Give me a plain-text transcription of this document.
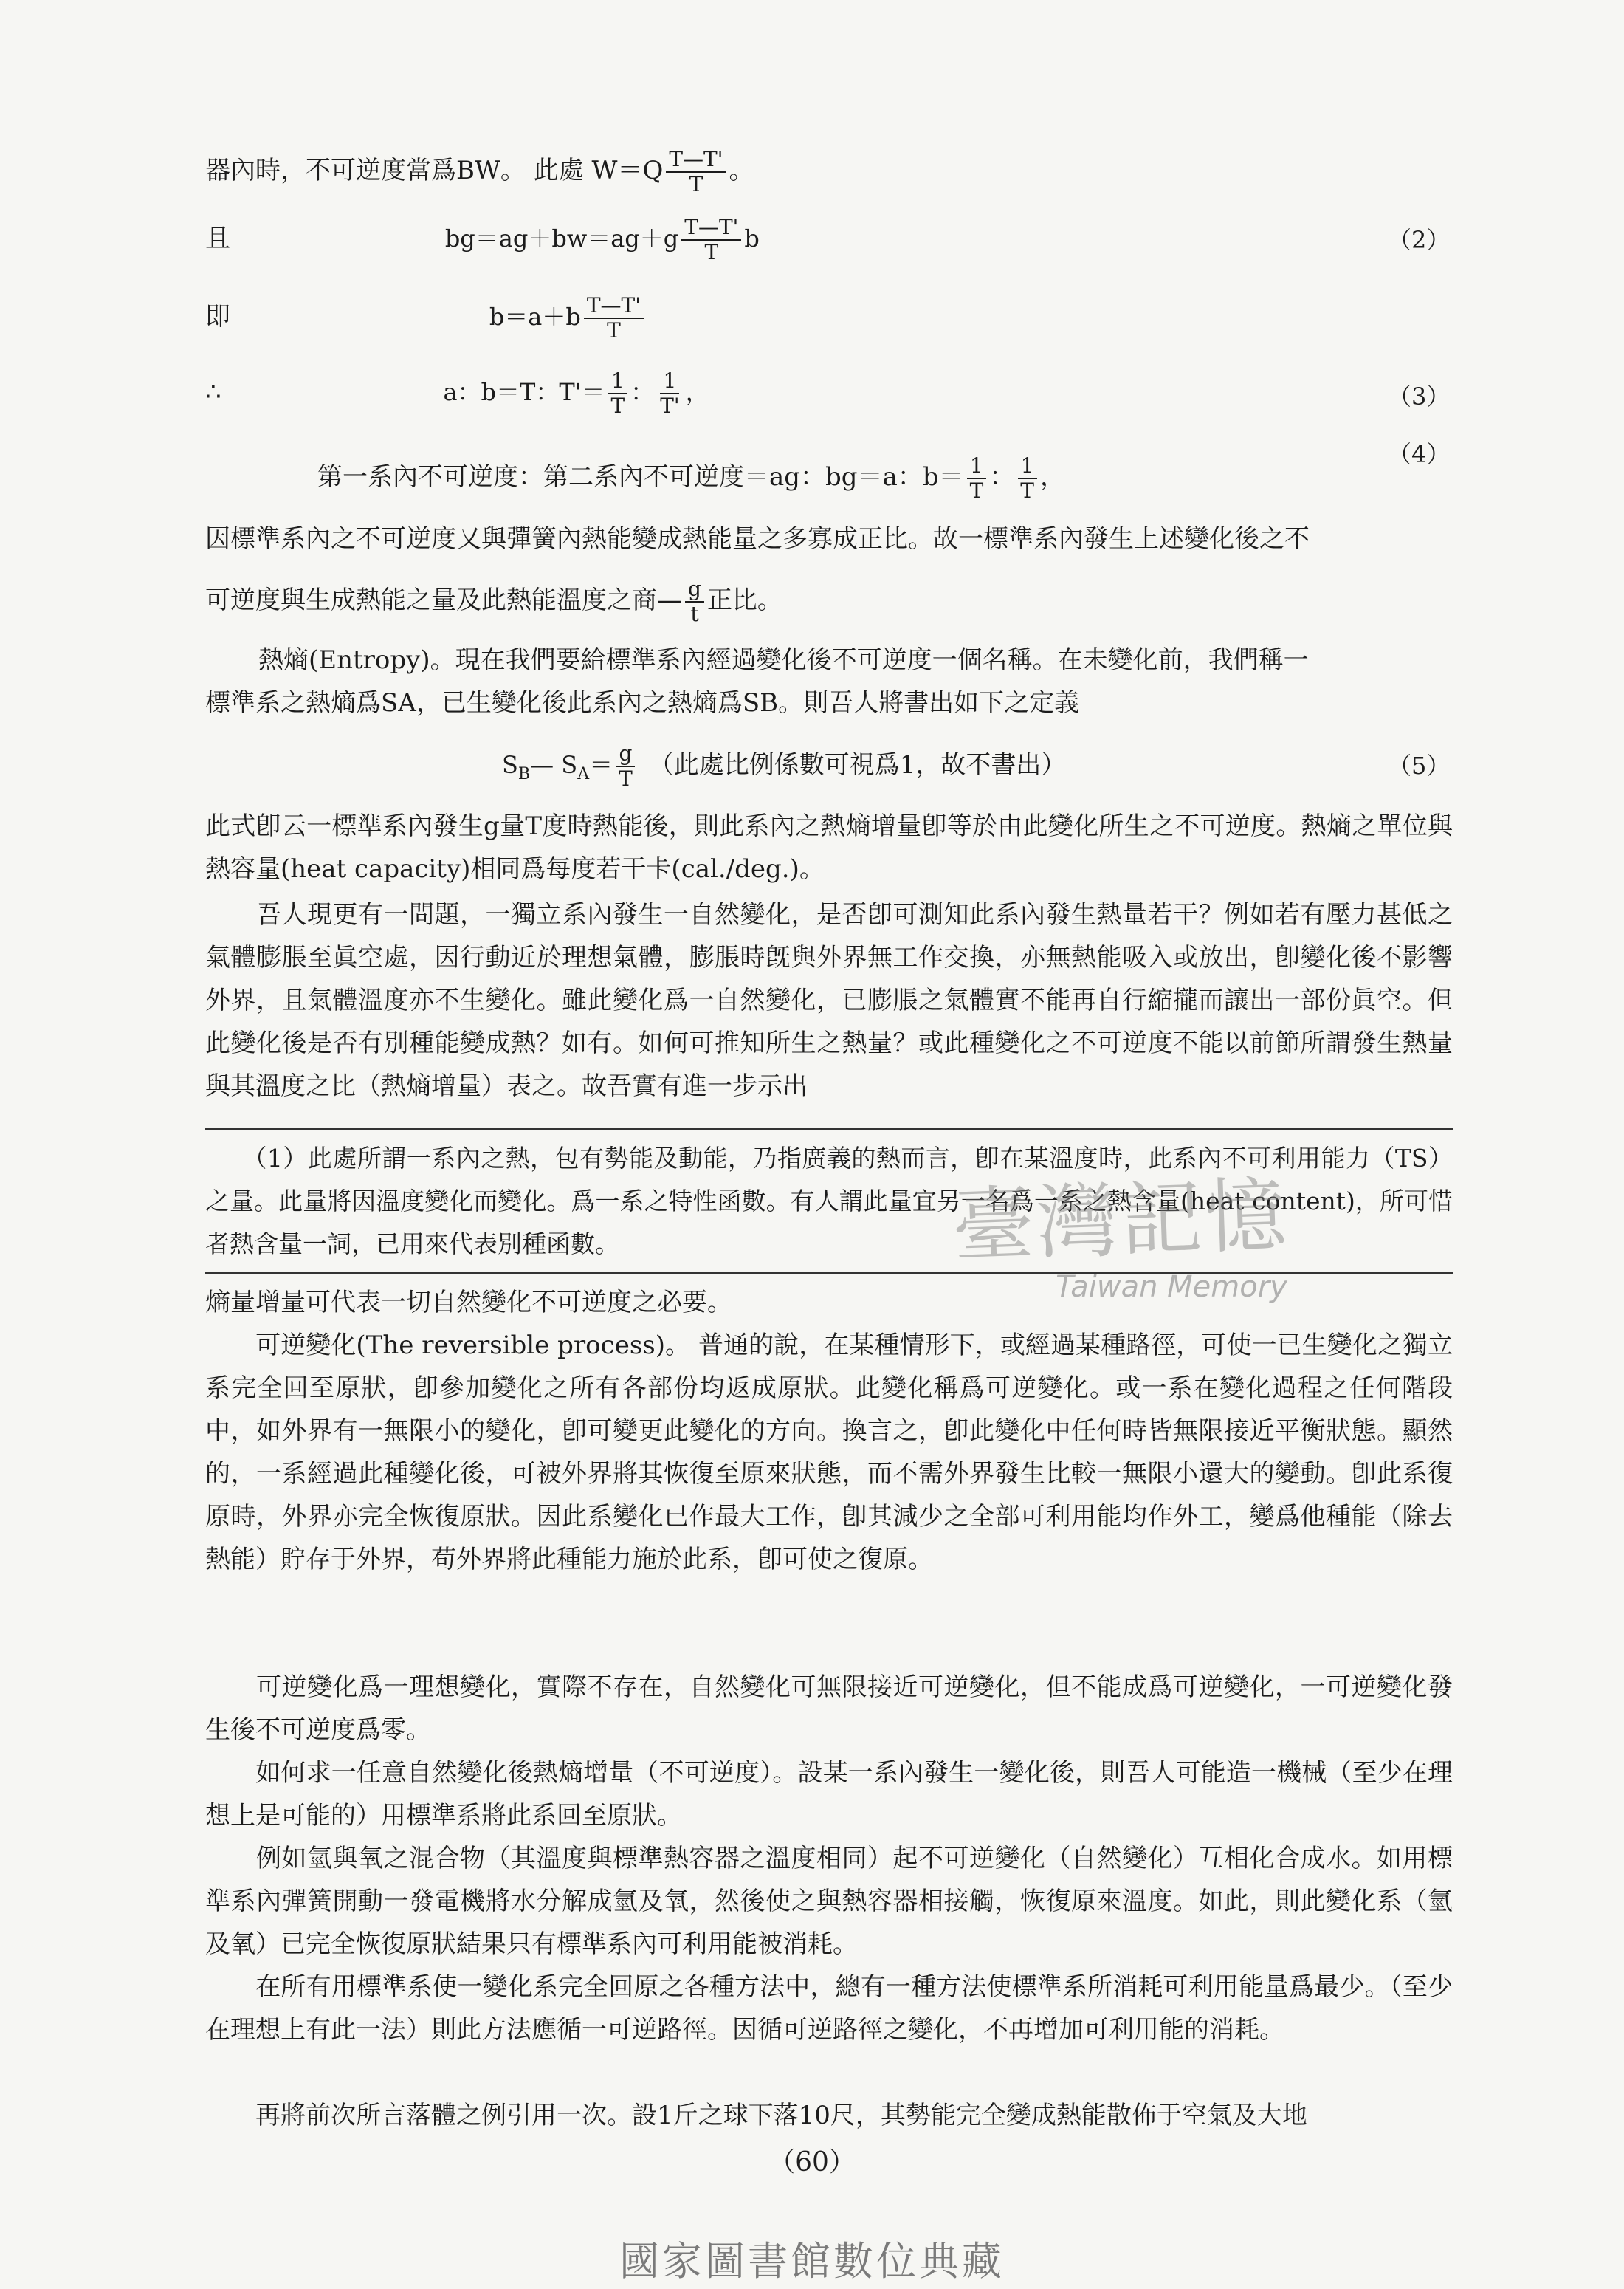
器內時，不可逆度當爲BW。 此處 $W=Q \frac{T—T'}{T}$ 。
且	$bg=ag+bw=ag+g \frac{T—T'}{T}$ b	（2）
即	$b=a+b \frac{T—T'}{T}$
∴	a：b＝T：$T'= \frac{1}{T}$ ： $\frac{1}{T'}$ ，	（3）
第一系內不可逆度：第二系內不可逆度＝ag：bg＝a：$b= \frac{1}{T}$ ： $\frac{1}{T}$ ，
（4）
因標準系內之不可逆度又與彈簧內熱能變成熱能量之多寡成正比。故一標準系內發生上述變化後之不
可逆度與生成熱能之量及此熱能溫度之商— $\frac{g}{t}$ 正比。
熱熵(Entropy)。現在我們要給標準系內經過變化後不可逆度一個名稱。在未變化前，我們稱一
標準系之熱熵爲SA，已生變化後此系內之熱熵爲SB。則吾人將書出如下之定義
$S_B—$ $S_A= \frac{g}{T}$ （此處比例係數可視爲1，故不書出）	（5）
此式卽云一標準系內發生g量T度時熱能後，則此系內之熱熵增量卽等於由此變化所生之不可逆度。熱熵之單位與熱容量(heat capacity)相同爲每度若干卡(cal./deg.)。
　　吾人現更有一問題，一獨立系內發生一自然變化，是否卽可測知此系內發生熱量若干？例如若有壓力甚低之氣體膨脹至眞空處，因行動近於理想氣體，膨脹時旣與外界無工作交換，亦無熱能吸入或放出，卽變化後不影響外界，且氣體溫度亦不生變化。雖此變化爲一自然變化，已膨脹之氣體實不能再自行縮攏而讓出一部份眞空。但此變化後是否有別種能變成熱？如有。如何可推知所生之熱量？或此種變化之不可逆度不能以前節所謂發生熱量與其溫度之比（熱熵增量）表之。故吾實有進一步示出
　　（1）此處所謂一系內之熱，包有勢能及動能，乃指廣義的熱而言，卽在某溫度時，此系內不可利用能力（TS）之量。此量將因溫度變化而變化。爲一系之特性函數。有人謂此量宜另一名爲一系之熱含量(heat content)，所可惜者熱含量一詞，已用來代表別種函數。	臺灣記憶
Taiwan Memory
熵量增量可代表一切自然變化不可逆度之必要。
　　可逆變化(The reversible process)。 普通的說，在某種情形下，或經過某種路徑，可使一已生變化之獨立系完全回至原狀，卽參加變化之所有各部份均返成原狀。此變化稱爲可逆變化。或一系在變化過程之任何階段中，如外界有一無限小的變化，卽可變更此變化的方向。換言之，卽此變化中任何時皆無限接近平衡狀態。顯然的，一系經過此種變化後，可被外界將其恢復至原來狀態，而不需外界發生比較一無限小還大的變動。卽此系復原時，外界亦完全恢復原狀。因此系變化已作最大工作，卽其減少之全部可利用能均作外工，變爲他種能（除去熱能）貯存于外界，苟外界將此種能力施於此系，卽可使之復原。
　　可逆變化爲一理想變化，實際不存在，自然變化可無限接近可逆變化，但不能成爲可逆變化，一可逆變化發生後不可逆度爲零。
　　如何求一任意自然變化後熱熵增量（不可逆度）。設某一系內發生一變化後，則吾人可能造一機械（至少在理想上是可能的）用標準系將此系回至原狀。
　　例如氫與氧之混合物（其溫度與標準熱容器之溫度相同）起不可逆變化（自然變化）互相化合成水。如用標準系內彈簧開動一發電機將水分解成氫及氧，然後使之與熱容器相接觸，恢復原來溫度。如此，則此變化系（氫及氧）已完全恢復原狀結果只有標準系內可利用能被消耗。
　　在所有用標準系使一變化系完全回原之各種方法中，總有一種方法使標準系所消耗可利用能量爲最少。（至少在理想上有此一法）則此方法應循一可逆路徑。因循可逆路徑之變化，不再增加可利用能的消耗。
　　再將前次所言落體之例引用一次。設1斤之球下落10尺，其勢能完全變成熱能散佈于空氣及大地
（60）
國家圖書館數位典藏
